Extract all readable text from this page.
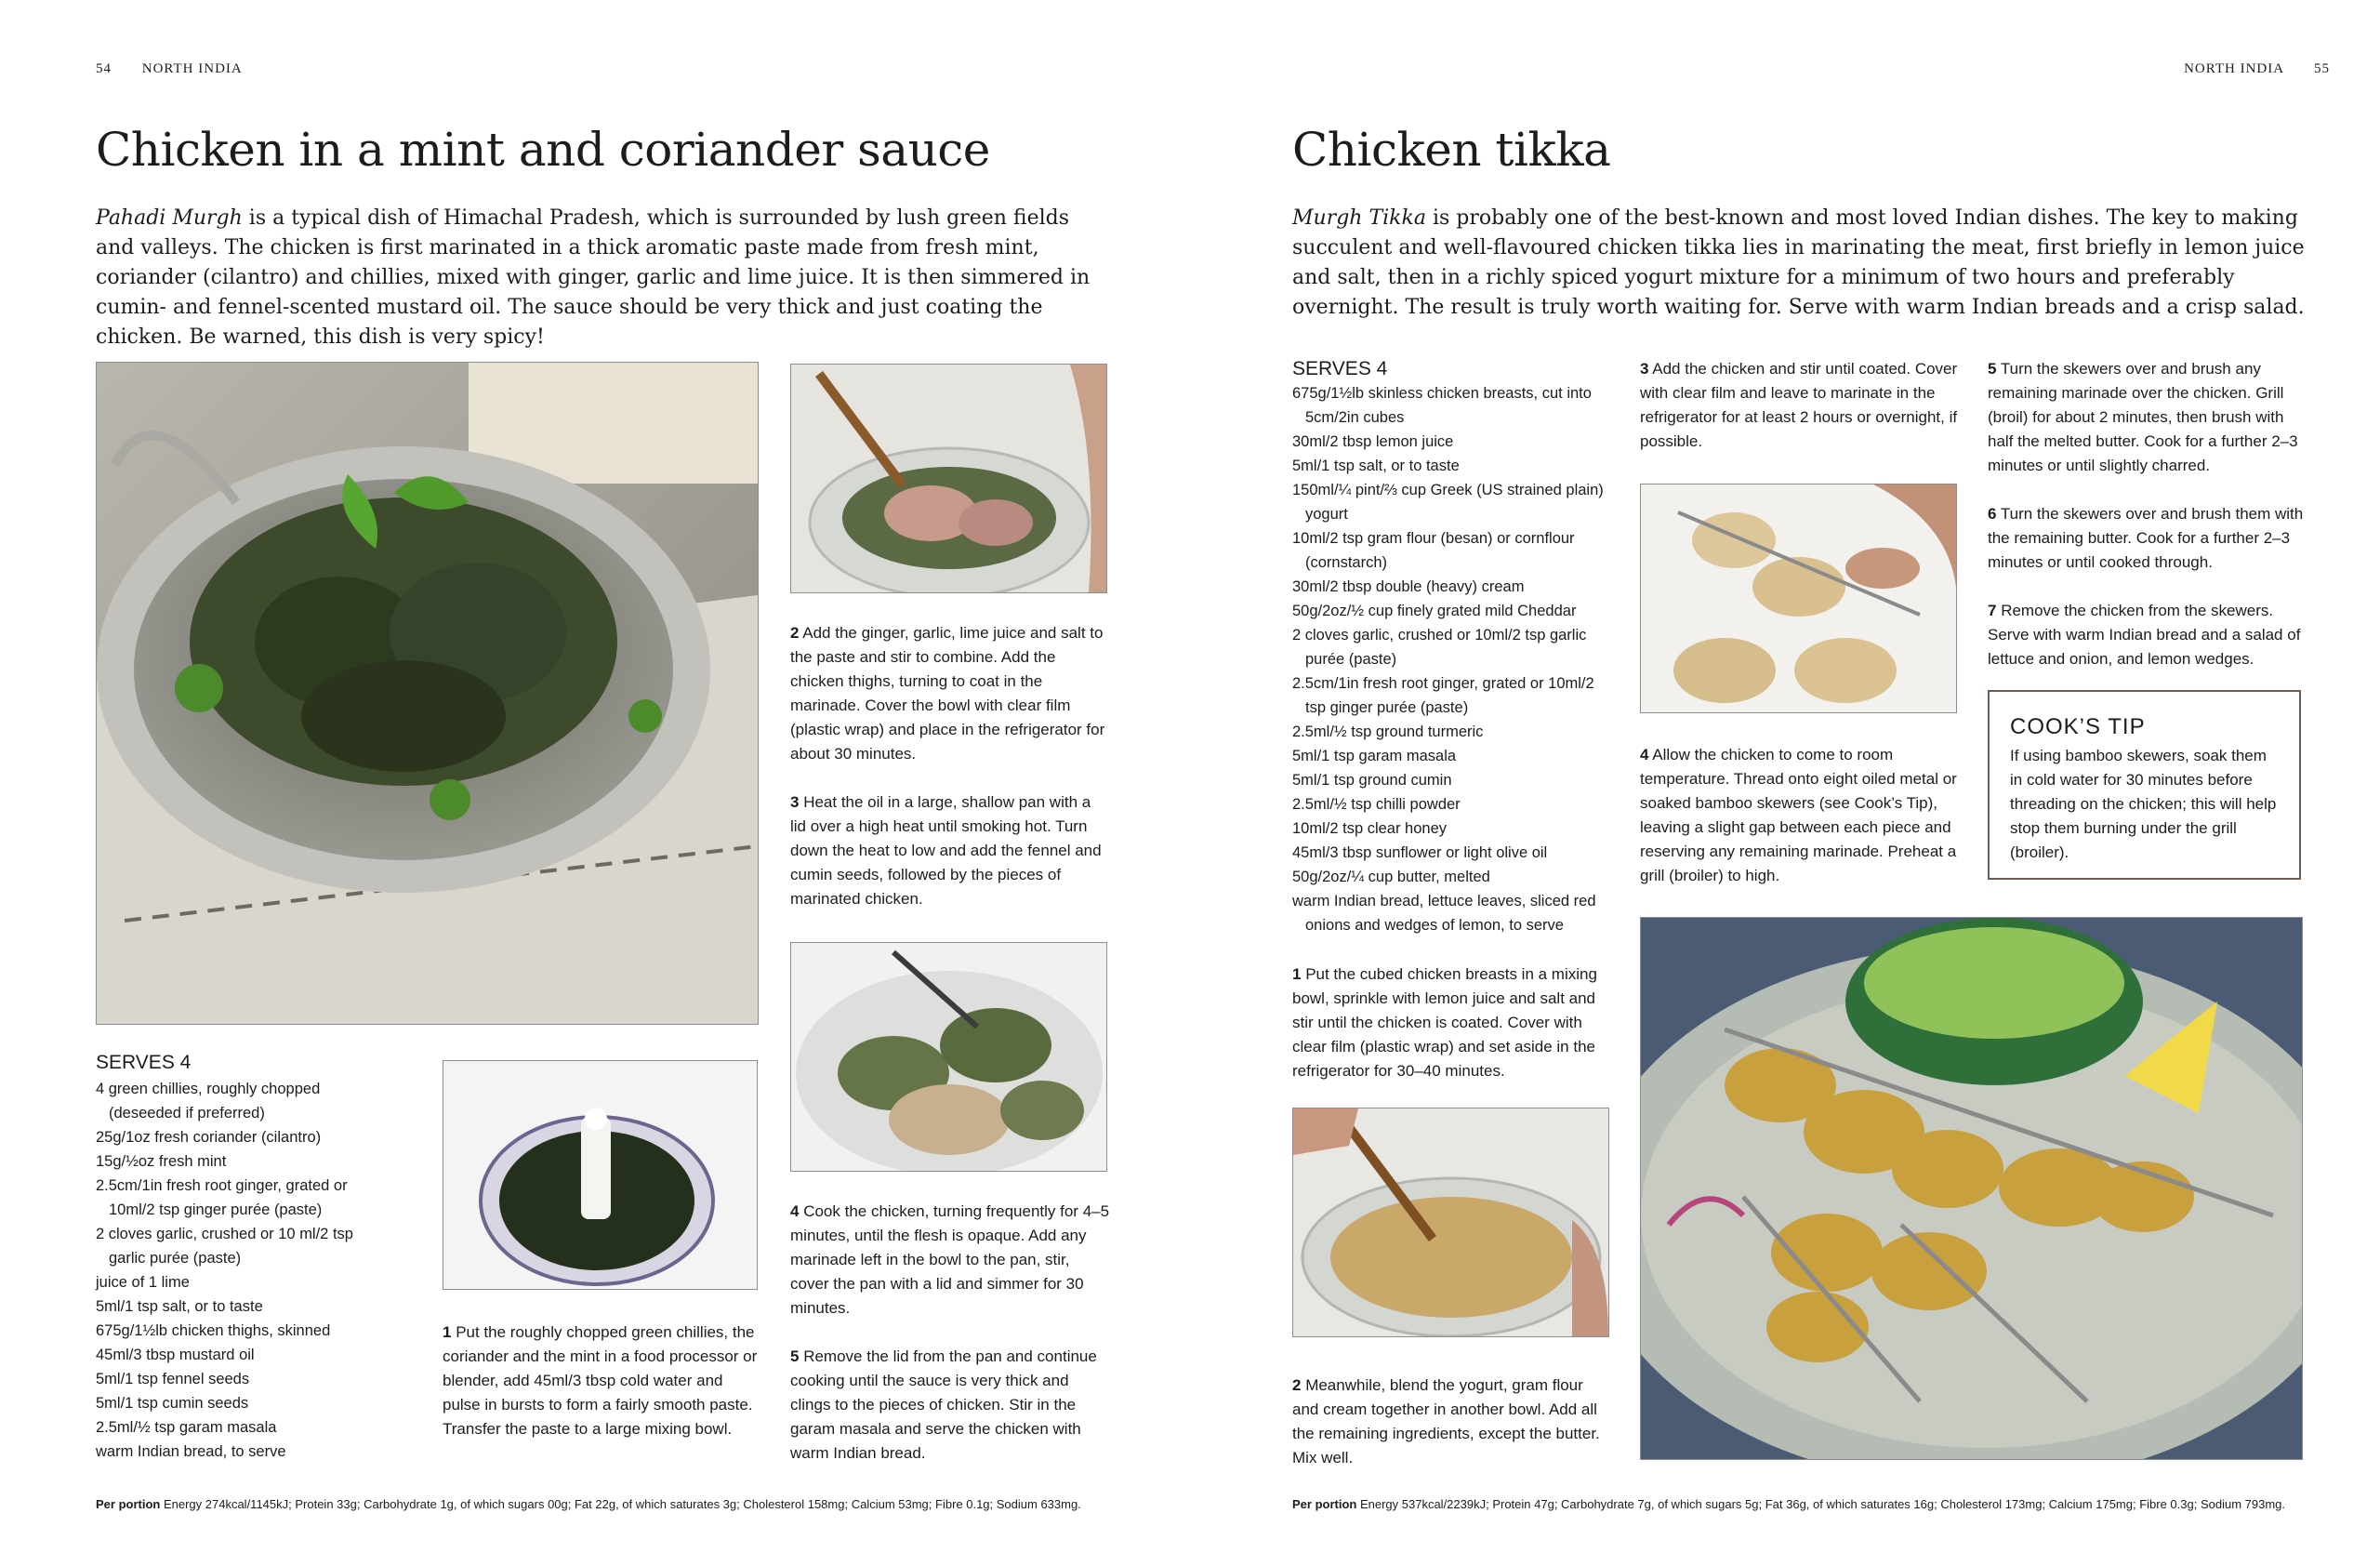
54 NORTH INDIA
Chicken in a mint and coriander sauce

Pahadi Murgh is a typical dish of Himachal Pradesh, which is surrounded by lush green fields and valleys. The chicken is first marinated in a thick aromatic paste made from fresh mint, coriander (cilantro) and chillies, mixed with ginger, garlic and lime juice. It is then simmered in cumin- and fennel-scented mustard oil. The sauce should be very thick and just coating the chicken. Be warned, this dish is very spicy!

SERVES 4
4 green chillies, roughly chopped (deseeded if preferred)
25g/1oz fresh coriander (cilantro)
15g/½oz fresh mint
2.5cm/1in fresh root ginger, grated or 10ml/2 tsp ginger purée (paste)
2 cloves garlic, crushed or 10 ml/2 tsp garlic purée (paste)
juice of 1 lime
5ml/1 tsp salt, or to taste
675g/1½lb chicken thighs, skinned
45ml/3 tbsp mustard oil
5ml/1 tsp fennel seeds
5ml/1 tsp cumin seeds
2.5ml/½ tsp garam masala
warm Indian bread, to serve

1 Put the roughly chopped green chillies, the coriander and the mint in a food processor or blender, add 45ml/3 tbsp cold water and pulse in bursts to form a fairly smooth paste. Transfer the paste to a large mixing bowl.

2 Add the ginger, garlic, lime juice and salt to the paste and stir to combine. Add the chicken thighs, turning to coat in the marinade. Cover the bowl with clear film (plastic wrap) and place in the refrigerator for about 30 minutes.

3 Heat the oil in a large, shallow pan with a lid over a high heat until smoking hot. Turn down the heat to low and add the fennel and cumin seeds, followed by the pieces of marinated chicken.

4 Cook the chicken, turning frequently for 4–5 minutes, until the flesh is opaque. Add any marinade left in the bowl to the pan, stir, cover the pan with a lid and simmer for 30 minutes.

5 Remove the lid from the pan and continue cooking until the sauce is very thick and clings to the pieces of chicken. Stir in the garam masala and serve the chicken with warm Indian bread.

Per portion Energy 274kcal/1145kJ; Protein 33g; Carbohydrate 1g, of which sugars 00g; Fat 22g, of which saturates 3g; Cholesterol 158mg; Calcium 53mg; Fibre 0.1g; Sodium 633mg.
NORTH INDIA 55
Chicken tikka

Murgh Tikka is probably one of the best-known and most loved Indian dishes. The key to making succulent and well-flavoured chicken tikka lies in marinating the meat, first briefly in lemon juice and salt, then in a richly spiced yogurt mixture for a minimum of two hours and preferably overnight. The result is truly worth waiting for. Serve with warm Indian breads and a crisp salad.

SERVES 4
675g/1½lb skinless chicken breasts, cut into 5cm/2in cubes
30ml/2 tbsp lemon juice
5ml/1 tsp salt, or to taste
150ml/¼ pint/⅔ cup Greek (US strained plain) yogurt
10ml/2 tsp gram flour (besan) or cornflour (cornstarch)
30ml/2 tbsp double (heavy) cream
50g/2oz/½ cup finely grated mild Cheddar
2 cloves garlic, crushed or 10ml/2 tsp garlic purée (paste)
2.5cm/1in fresh root ginger, grated or 10ml/2 tsp ginger purée (paste)
2.5ml/½ tsp ground turmeric
5ml/1 tsp garam masala
5ml/1 tsp ground cumin
2.5ml/½ tsp chilli powder
10ml/2 tsp clear honey
45ml/3 tbsp sunflower or light olive oil
50g/2oz/¼ cup butter, melted
warm Indian bread, lettuce leaves, sliced red onions and wedges of lemon, to serve

1 Put the cubed chicken breasts in a mixing bowl, sprinkle with lemon juice and salt and stir until the chicken is coated. Cover with clear film (plastic wrap) and set aside in the refrigerator for 30–40 minutes.

2 Meanwhile, blend the yogurt, gram flour and cream together in another bowl. Add all the remaining ingredients, except the butter. Mix well.

3 Add the chicken and stir until coated. Cover with clear film and leave to marinate in the refrigerator for at least 2 hours or overnight, if possible.

4 Allow the chicken to come to room temperature. Thread onto eight oiled metal or soaked bamboo skewers (see Cook’s Tip), leaving a slight gap between each piece and reserving any remaining marinade. Preheat a grill (broiler) to high.

5 Turn the skewers over and brush any remaining marinade over the chicken. Grill (broil) for about 2 minutes, then brush with half the melted butter. Cook for a further 2–3 minutes or until slightly charred.

6 Turn the skewers over and brush them with the remaining butter. Cook for a further 2–3 minutes or until cooked through.

7 Remove the chicken from the skewers. Serve with warm Indian bread and a salad of lettuce and onion, and lemon wedges.

COOK’S TIP

If using bamboo skewers, soak them in cold water for 30 minutes before threading on the chicken; this will help stop them burning under the grill (broiler).

Per portion Energy 537kcal/2239kJ; Protein 47g; Carbohydrate 7g, of which sugars 5g; Fat 36g, of which saturates 16g; Cholesterol 173mg; Calcium 175mg; Fibre 0.3g; Sodium 793mg.
